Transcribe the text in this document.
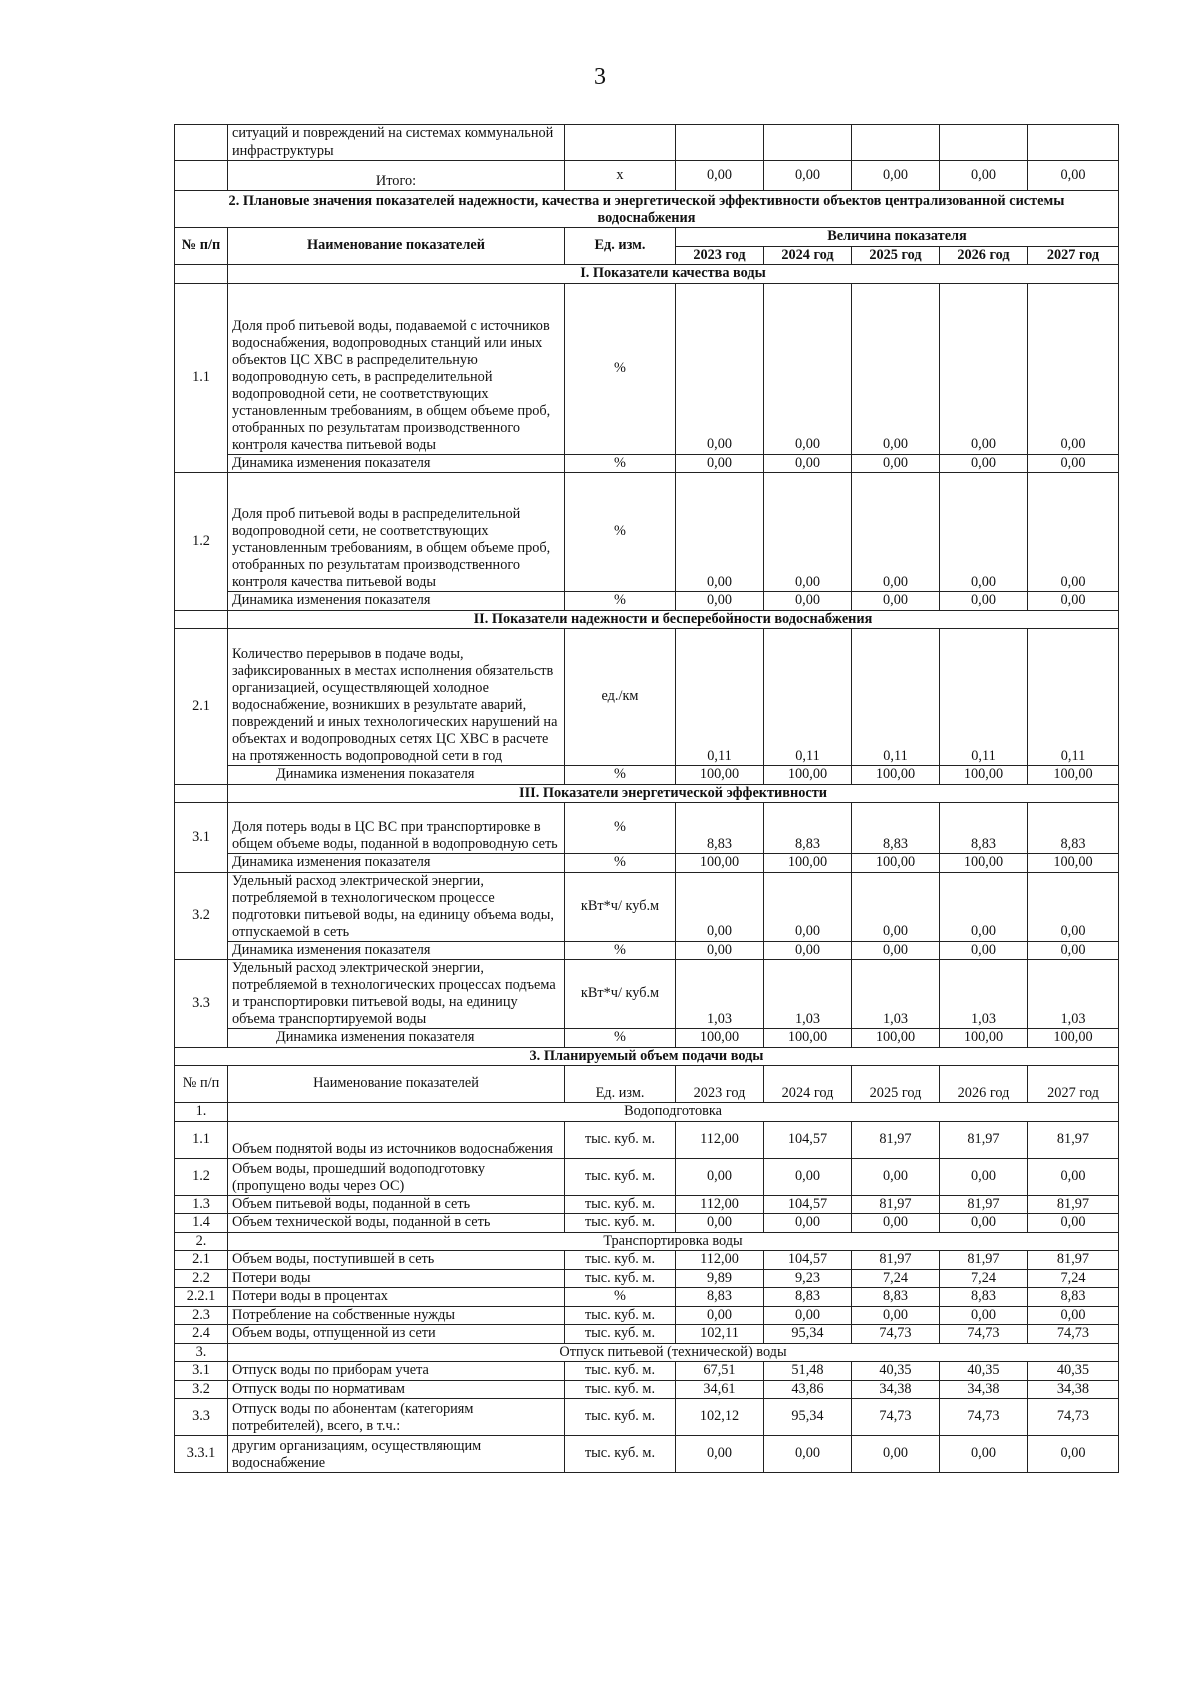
3
	ситуаций и повреждений на системах коммунальной инфраструктуры						
	Итого:	x	0,00	0,00	0,00	0,00	0,00
2. Плановые значения показателей надежности, качества и энергетической эффективности объектов централизованной системы водоснабжения							
№ п/п	Наименование показателей	Ед. изм.	Величина показателя				
			2023 год	2024 год	2025 год	2026 год	2027 год
	I. Показатели качества воды						
1.1	Доля проб питьевой воды, подаваемой с источников водоснабжения, водопроводных станций или иных объектов ЦС ХВС в распределительную водопроводную сеть, в распределительной водопроводной сети, не соответствующих установленным требованиям, в общем объеме проб, отобранных по результатам производственного контроля качества питьевой воды	%	0,00	0,00	0,00	0,00	0,00
	Динамика изменения показателя	%	0,00	0,00	0,00	0,00	0,00
1.2	Доля проб питьевой воды в распределительной водопроводной сети, не соответствующих установленным требованиям, в общем объеме проб, отобранных по результатам производственного контроля качества питьевой воды	%	0,00	0,00	0,00	0,00	0,00
	Динамика изменения показателя	%	0,00	0,00	0,00	0,00	0,00
	II. Показатели надежности и бесперебойности водоснабжения						
2.1	Количество перерывов в подаче воды, зафиксированных в местах исполнения обязательств организацией, осуществляющей холодное водоснабжение, возникших в результате аварий, повреждений и иных технологических нарушений на объектах и водопроводных сетях ЦС ХВС в расчете на протяженность водопроводной сети в год	ед./км	0,11	0,11	0,11	0,11	0,11
	Динамика изменения показателя	%	100,00	100,00	100,00	100,00	100,00
	III. Показатели энергетической эффективности						
3.1	Доля потерь воды в ЦС ВС при транспортировке в общем объеме воды, поданной в водопроводную сеть	%	8,83	8,83	8,83	8,83	8,83
	Динамика изменения показателя	%	100,00	100,00	100,00	100,00	100,00
3.2	Удельный расход электрической энергии, потребляемой в технологическом процессе подготовки питьевой воды, на единицу объема воды, отпускаемой в сеть	кВт*ч/ куб.м	0,00	0,00	0,00	0,00	0,00
	Динамика изменения показателя	%	0,00	0,00	0,00	0,00	0,00
3.3	Удельный расход электрической энергии, потребляемой в технологических процессах подъема и транспортировки питьевой воды, на единицу объема транспортируемой воды	кВт*ч/ куб.м	1,03	1,03	1,03	1,03	1,03
	Динамика изменения показателя	%	100,00	100,00	100,00	100,00	100,00
3. Планируемый объем подачи воды							
№ п/п	Наименование показателей	Ед. изм.	2023 год	2024 год	2025 год	2026 год	2027 год
1.	Водоподготовка						
1.1	Объем поднятой воды из источников водоснабжения	тыс. куб. м.	112,00	104,57	81,97	81,97	81,97
1.2	Объем воды, прошедший водоподготовку (пропущено воды через ОС)	тыс. куб. м.	0,00	0,00	0,00	0,00	0,00
1.3	Объем питьевой воды, поданной в сеть	тыс. куб. м.	112,00	104,57	81,97	81,97	81,97
1.4	Объем технической воды, поданной в сеть	тыс. куб. м.	0,00	0,00	0,00	0,00	0,00
2.	Транспортировка воды						
2.1	Объем воды, поступившей в сеть	тыс. куб. м.	112,00	104,57	81,97	81,97	81,97
2.2	Потери воды	тыс. куб. м.	9,89	9,23	7,24	7,24	7,24
2.2.1	Потери воды в процентах	%	8,83	8,83	8,83	8,83	8,83
2.3	Потребление на собственные нужды	тыс. куб. м.	0,00	0,00	0,00	0,00	0,00
2.4	Объем воды, отпущенной из сети	тыс. куб. м.	102,11	95,34	74,73	74,73	74,73
3.	Отпуск питьевой (технической) воды						
3.1	Отпуск воды по приборам учета	тыс. куб. м.	67,51	51,48	40,35	40,35	40,35
3.2	Отпуск воды по нормативам	тыс. куб. м.	34,61	43,86	34,38	34,38	34,38
3.3	Отпуск воды по абонентам (категориям потребителей), всего, в т.ч.:	тыс. куб. м.	102,12	95,34	74,73	74,73	74,73
3.3.1	другим организациям, осуществляющим водоснабжение	тыс. куб. м.	0,00	0,00	0,00	0,00	0,00
